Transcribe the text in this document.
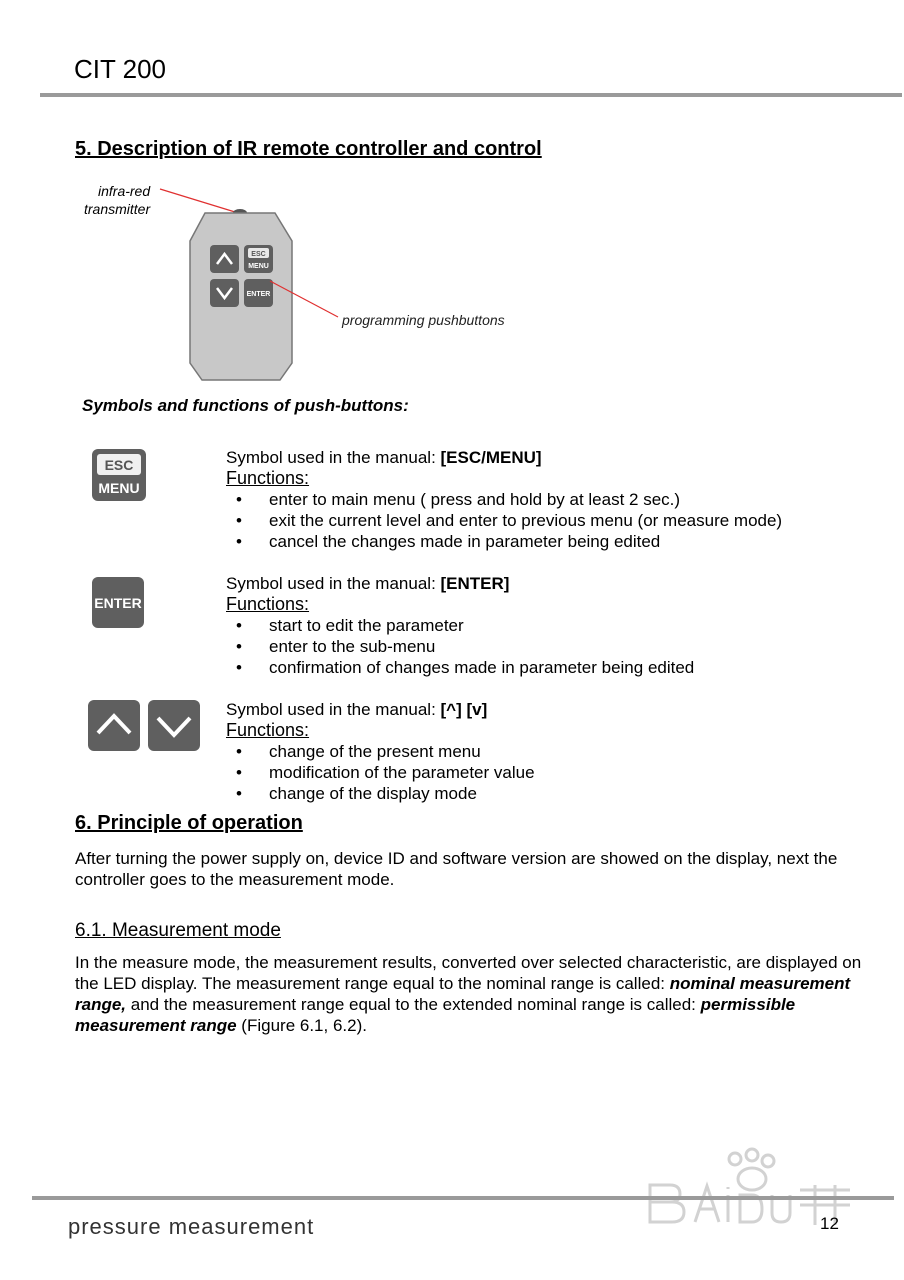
CIT 200
5. Description of IR remote controller and control
infra-red
transmitter
ESC
MENU
ENTER
programming pushbuttons
Symbols and functions of push-buttons:
ESC
MENU
Symbol used in the manual: [ESC/MENU]
Functions:
• enter to main menu ( press and hold by at least 2 sec.)
• exit the current level and enter to previous menu (or measure mode)
• cancel the changes made in parameter being edited
ENTER
Symbol used in the manual: [ENTER]
Functions:
• start to edit the parameter
• enter to the sub-menu
• confirmation of changes made in parameter being edited
Symbol used in the manual: [^] [v]
Functions:
• change of the present menu
• modification of the parameter value
• change of the display mode
6. Principle of operation
After turning the power supply on, device ID and software version are showed on the display, next the controller goes to the measurement mode.
6.1. Measurement mode
In the measure mode, the measurement results, converted over selected characteristic, are displayed on the LED display. The measurement range equal to the nominal range is called: nominal measurement range, and the measurement range equal to the extended nominal range is called: permissible measurement range (Figure 6.1, 6.2).
pressure measurement	12
